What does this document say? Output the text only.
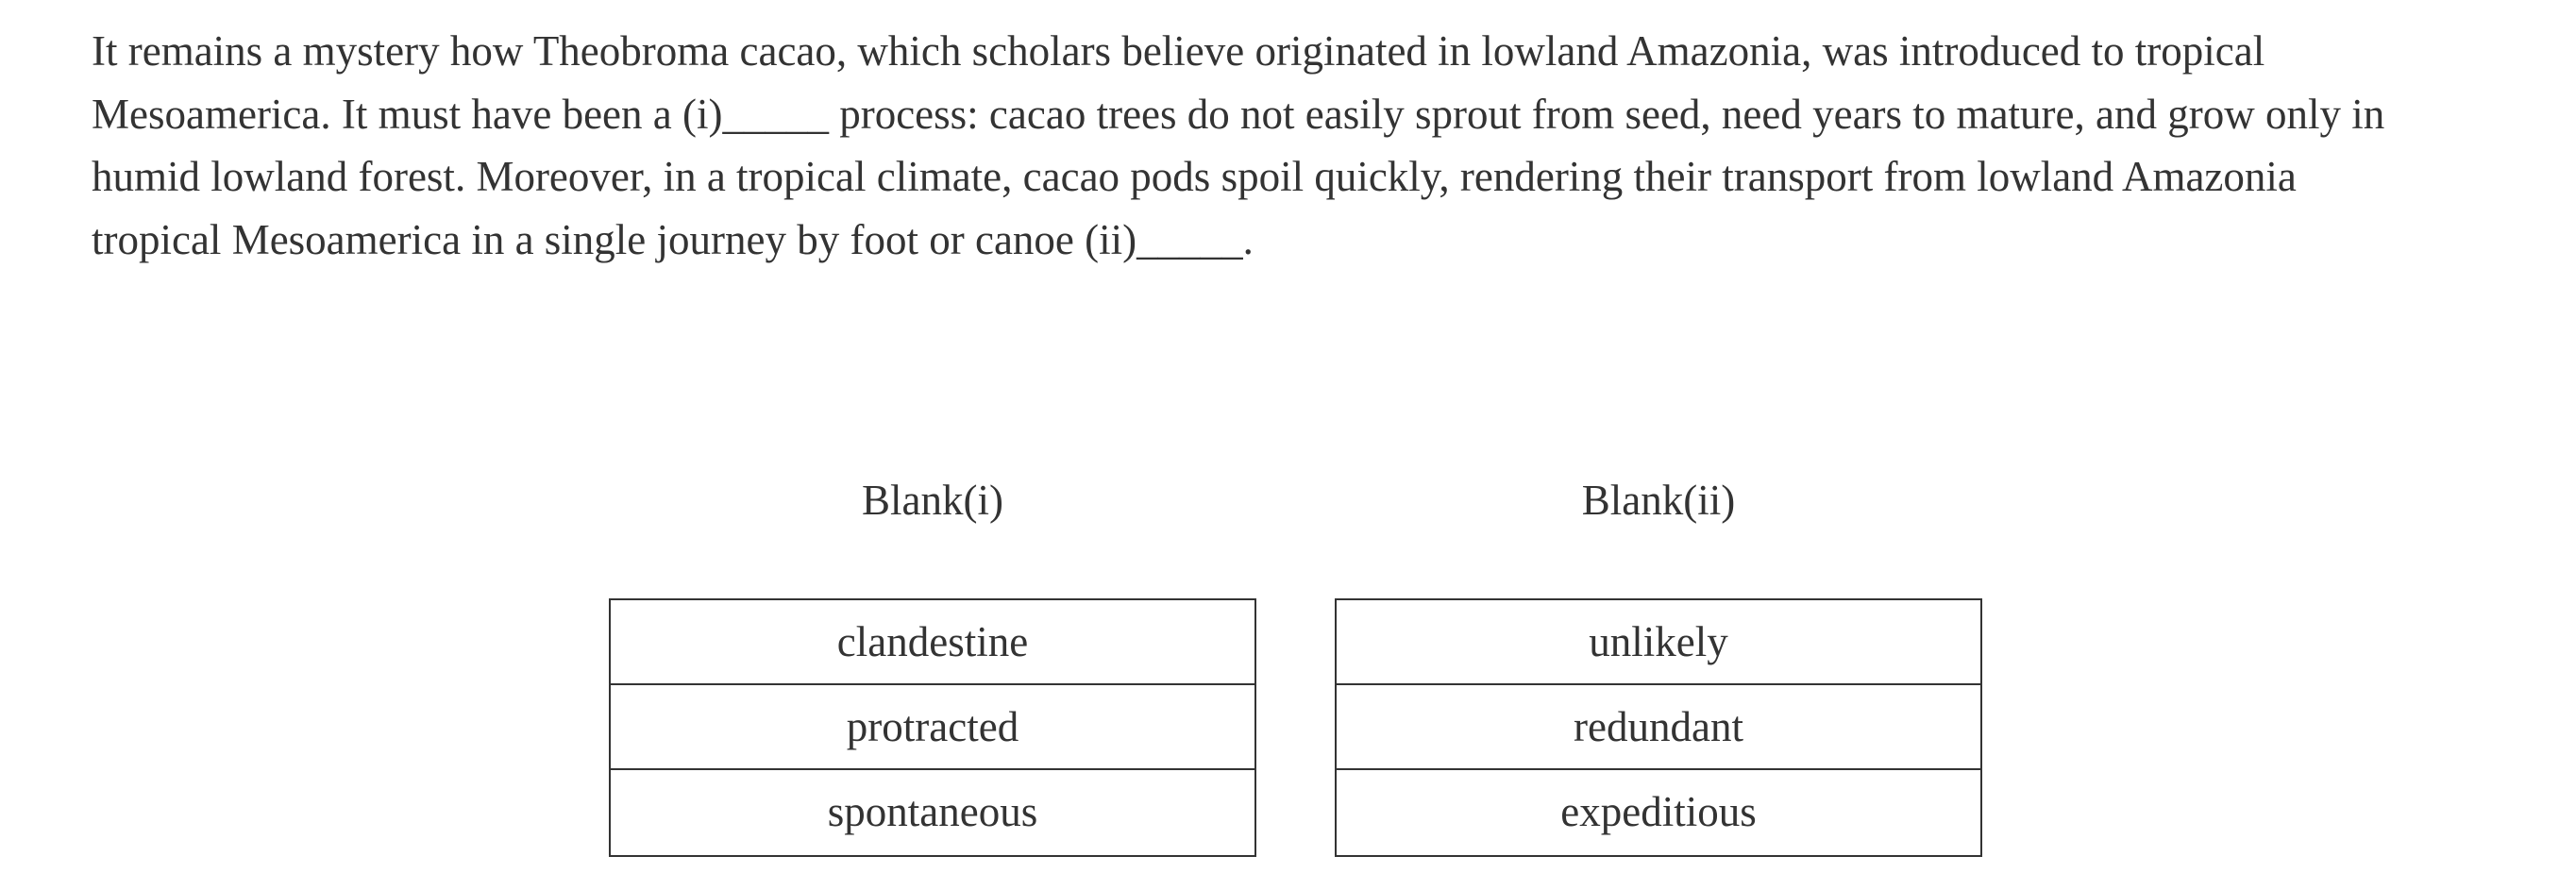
It remains a mystery how Theobroma cacao, which scholars believe originated in lowland Amazonia, was introduced to tropical
Mesoamerica. It must have been a (i)_____ process: cacao trees do not easily sprout from seed, need years to mature, and grow only in
humid lowland forest. Moreover, in a tropical climate, cacao pods spoil quickly, rendering their transport from lowland Amazonia
tropical Mesoamerica in a single journey by foot or canoe (ii)_____.

Blank(i)
clandestine
protracted
spontaneous
Blank(ii)
unlikely
redundant
expeditious
